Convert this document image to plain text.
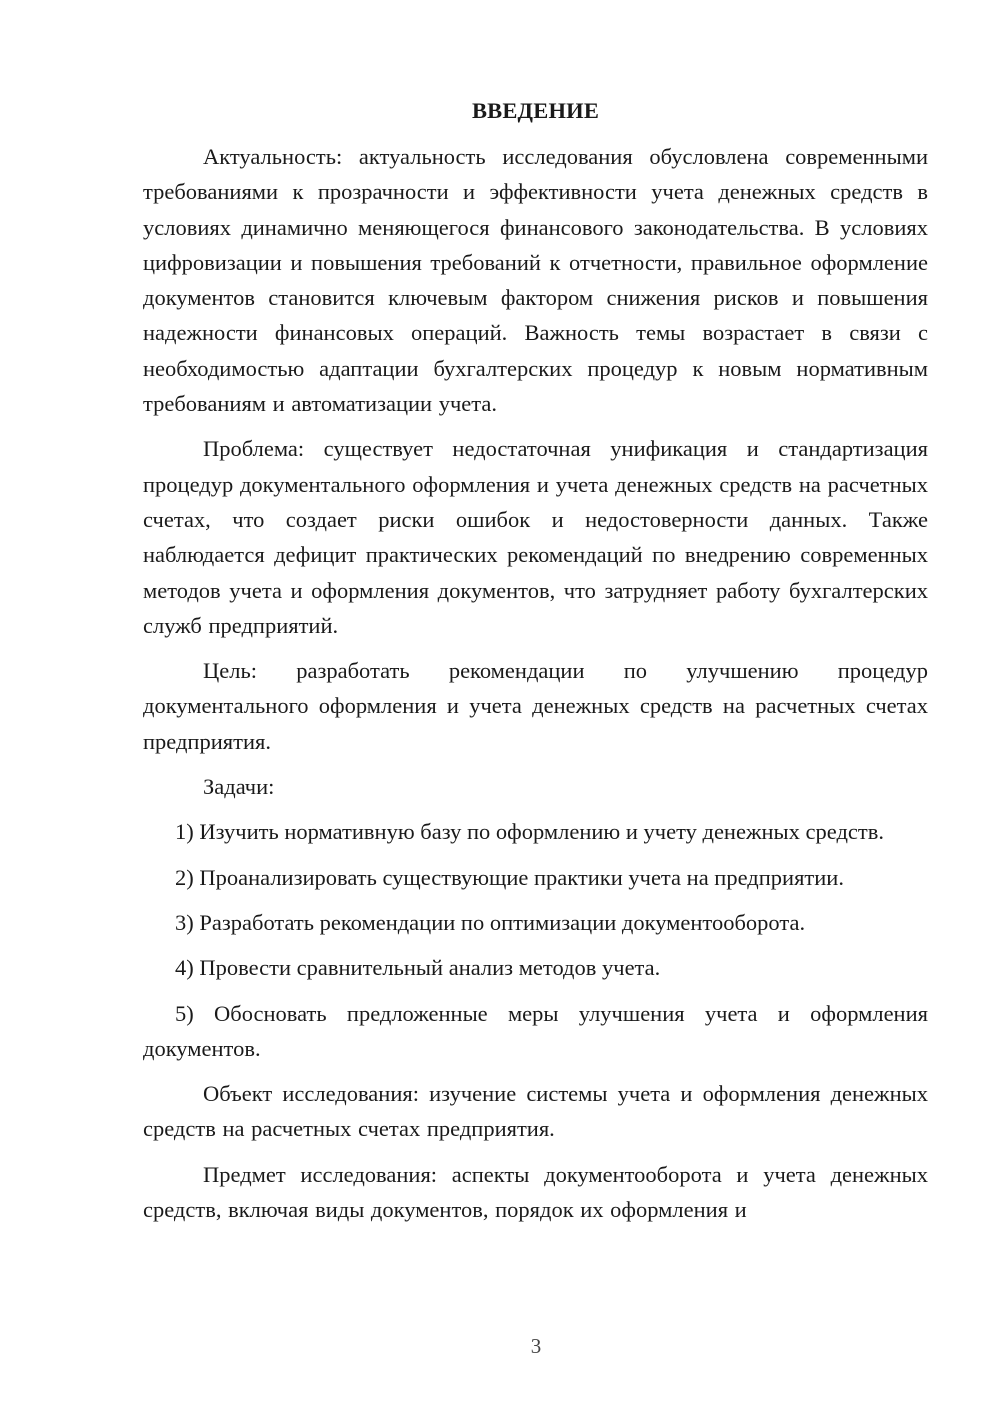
ВВЕДЕНИЕ

Актуальность: актуальность исследования обусловлена современными требованиями к прозрачности и эффективности учета денежных средств в условиях динамично меняющегося финансового законодательства. В условиях цифровизации и повышения требований к отчетности, правильное оформление документов становится ключевым фактором снижения рисков и повышения надежности финансовых операций. Важность темы возрастает в связи с необходимостью адаптации бухгалтерских процедур к новым нормативным требованиям и автоматизации учета.

Проблема: существует недостаточная унификация и стандартизация процедур документального оформления и учета денежных средств на расчетных счетах, что создает риски ошибок и недостоверности данных. Также наблюдается дефицит практических рекомендаций по внедрению современных методов учета и оформления документов, что затрудняет работу бухгалтерских служб предприятий.

Цель: разработать рекомендации по улучшению процедур документального оформления и учета денежных средств на расчетных счетах предприятия.

Задачи:

1) Изучить нормативную базу по оформлению и учету денежных средств.

2) Проанализировать существующие практики учета на предприятии.

3) Разработать рекомендации по оптимизации документооборота.

4) Провести сравнительный анализ методов учета.

5) Обосновать предложенные меры улучшения учета и оформления документов.

Объект исследования: изучение системы учета и оформления денежных средств на расчетных счетах предприятия.

Предмет исследования: аспекты документооборота и учета денежных средств, включая виды документов, порядок их оформления и

3
